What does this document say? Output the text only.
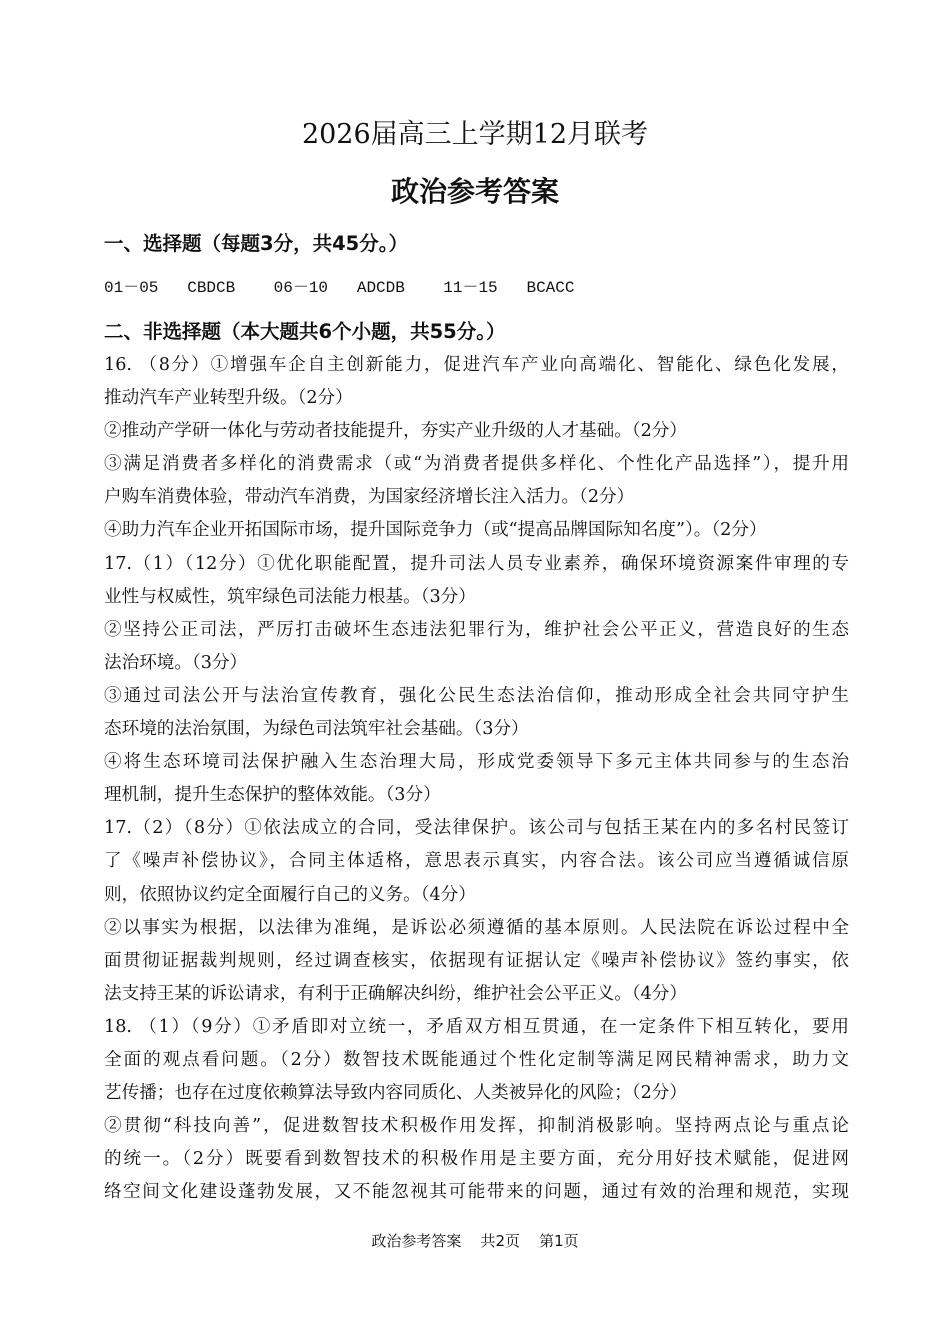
2026届高三上学期12月联考
政治参考答案
一、选择题（每题3分，共45分。）
01－05   CBDCB    06－10   ADCDB    11－15   BCACC
二、非选择题（本大题共6个小题，共55分。）
16. （8分）①增强车企自主创新能力，促进汽车产业向高端化、智能化、绿色化发展，
推动汽车产业转型升级。（2分）
②推动产学研一体化与劳动者技能提升，夯实产业升级的人才基础。（2分）
③满足消费者多样化的消费需求（或“为消费者提供多样化、个性化产品选择”），提升用
户购车消费体验，带动汽车消费，为国家经济增长注入活力。（2分）
④助力汽车企业开拓国际市场，提升国际竞争力（或“提高品牌国际知名度”）。（2分）
17.（1）（12分）①优化职能配置，提升司法人员专业素养，确保环境资源案件审理的专
业性与权威性，筑牢绿色司法能力根基。（3分）
②坚持公正司法，严厉打击破坏生态违法犯罪行为，维护社会公平正义，营造良好的生态
法治环境。（3分）
③通过司法公开与法治宣传教育，强化公民生态法治信仰，推动形成全社会共同守护生
态环境的法治氛围，为绿色司法筑牢社会基础。（3分）
④将生态环境司法保护融入生态治理大局，形成党委领导下多元主体共同参与的生态治
理机制，提升生态保护的整体效能。（3分）
17.（2）（8分）①依法成立的合同，受法律保护。该公司与包括王某在内的多名村民签订
了《噪声补偿协议》，合同主体适格，意思表示真实，内容合法。该公司应当遵循诚信原
则，依照协议约定全面履行自己的义务。（4分）
②以事实为根据，以法律为准绳，是诉讼必须遵循的基本原则。人民法院在诉讼过程中全
面贯彻证据裁判规则，经过调查核实，依据现有证据认定《噪声补偿协议》签约事实，依
法支持王某的诉讼请求，有利于正确解决纠纷，维护社会公平正义。（4分）
18. （1）（9分）①矛盾即对立统一，矛盾双方相互贯通，在一定条件下相互转化，要用
全面的观点看问题。（2分）数智技术既能通过个性化定制等满足网民精神需求，助力文
艺传播；也存在过度依赖算法导致内容同质化、人类被异化的风险；（2分）
②贯彻“科技向善”，促进数智技术积极作用发挥，抑制消极影响。坚持两点论与重点论
的统一。（2分）既要看到数智技术的积极作用是主要方面，充分用好技术赋能，促进网
络空间文化建设蓬勃发展，又不能忽视其可能带来的问题，通过有效的治理和规范，实现
政治参考答案    共2页    第1页
